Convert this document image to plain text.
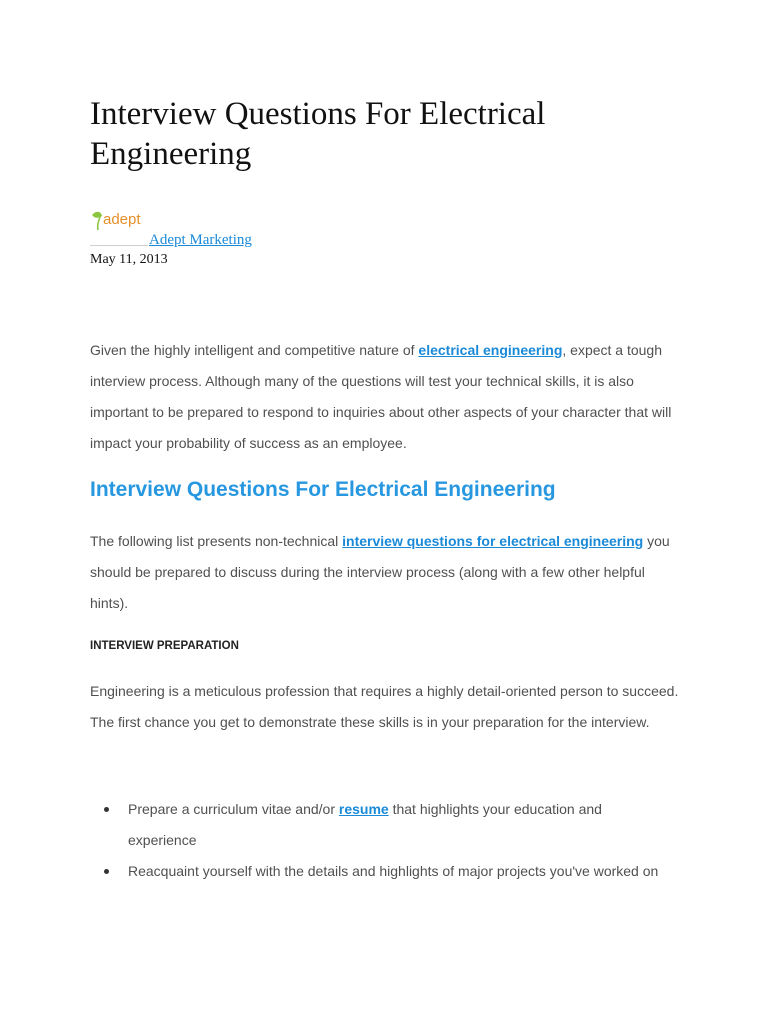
Interview Questions For Electrical Engineering
adept
Adept Marketing
May 11, 2013

Given the highly intelligent and competitive nature of electrical engineering, expect a tough interview process. Although many of the questions will test your technical skills, it is also important to be prepared to respond to inquiries about other aspects of your character that will impact your probability of success as an employee.

Interview Questions For Electrical Engineering

The following list presents non-technical interview questions for electrical engineering you should be prepared to discuss during the interview process (along with a few other helpful hints).

INTERVIEW PREPARATION

Engineering is a meticulous profession that requires a highly detail-oriented person to succeed. The first chance you get to demonstrate these skills is in your preparation for the interview.

Prepare a curriculum vitae and/or resume that highlights your education and experience
Reacquaint yourself with the details and highlights of major projects you've worked on
